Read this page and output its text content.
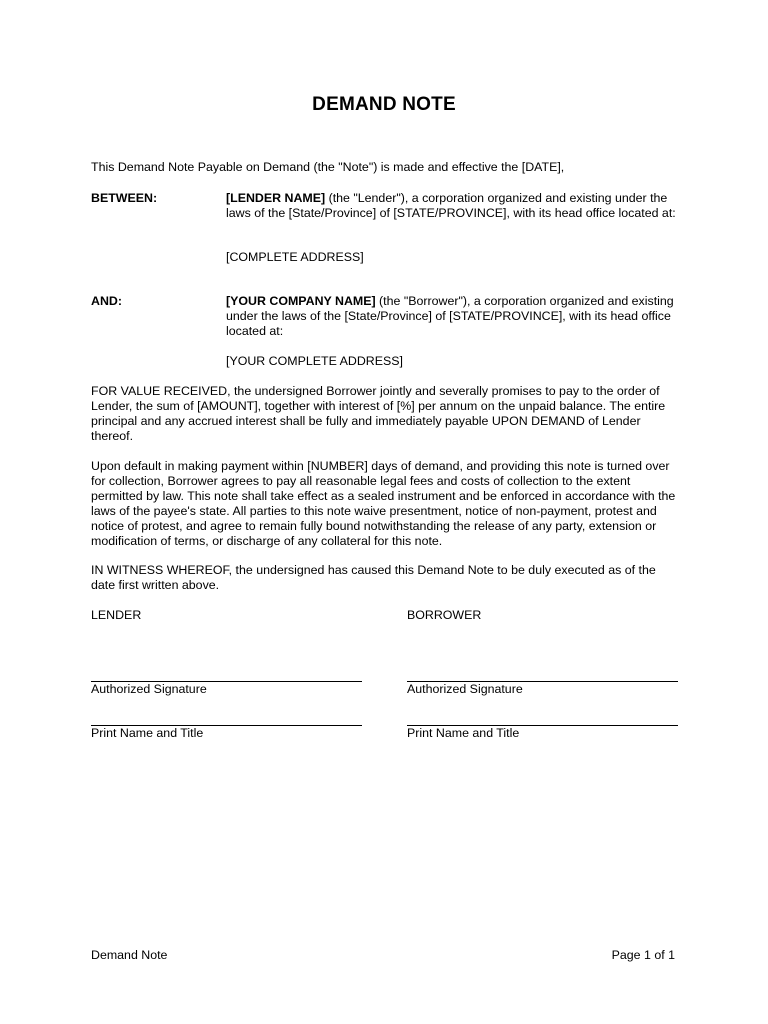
DEMAND NOTE

This Demand Note Payable on Demand (the "Note") is made and effective the [DATE],

BETWEEN:	[LENDER NAME] (the "Lender"), a corporation organized and existing under the laws of the [State/Province] of [STATE/PROVINCE], with its head office located at:

[COMPLETE ADDRESS]
AND:	[YOUR COMPANY NAME] (the "Borrower"), a corporation organized and existing under the laws of the [State/Province] of [STATE/PROVINCE], with its head office located at:

[YOUR COMPLETE ADDRESS]

FOR VALUE RECEIVED, the undersigned Borrower jointly and severally promises to pay to the order of Lender, the sum of [AMOUNT], together with interest of [%] per annum on the unpaid balance. The entire principal and any accrued interest shall be fully and immediately payable UPON DEMAND of Lender thereof.

Upon default in making payment within [NUMBER] days of demand, and providing this note is turned over for collection, Borrower agrees to pay all reasonable legal fees and costs of collection to the extent permitted by law. This note shall take effect as a sealed instrument and be enforced in accordance with the laws of the payee's state. All parties to this note waive presentment, notice of non-payment, protest and notice of protest, and agree to remain fully bound notwithstanding the release of any party, extension or modification of terms, or discharge of any collateral for this note.

IN WITNESS WHEREOF, the undersigned has caused this Demand Note to be duly executed as of the date first written above.

LENDER
Authorized Signature
Print Name and Title
BORROWER
Authorized Signature
Print Name and Title
Demand Note	Page 1 of 1
